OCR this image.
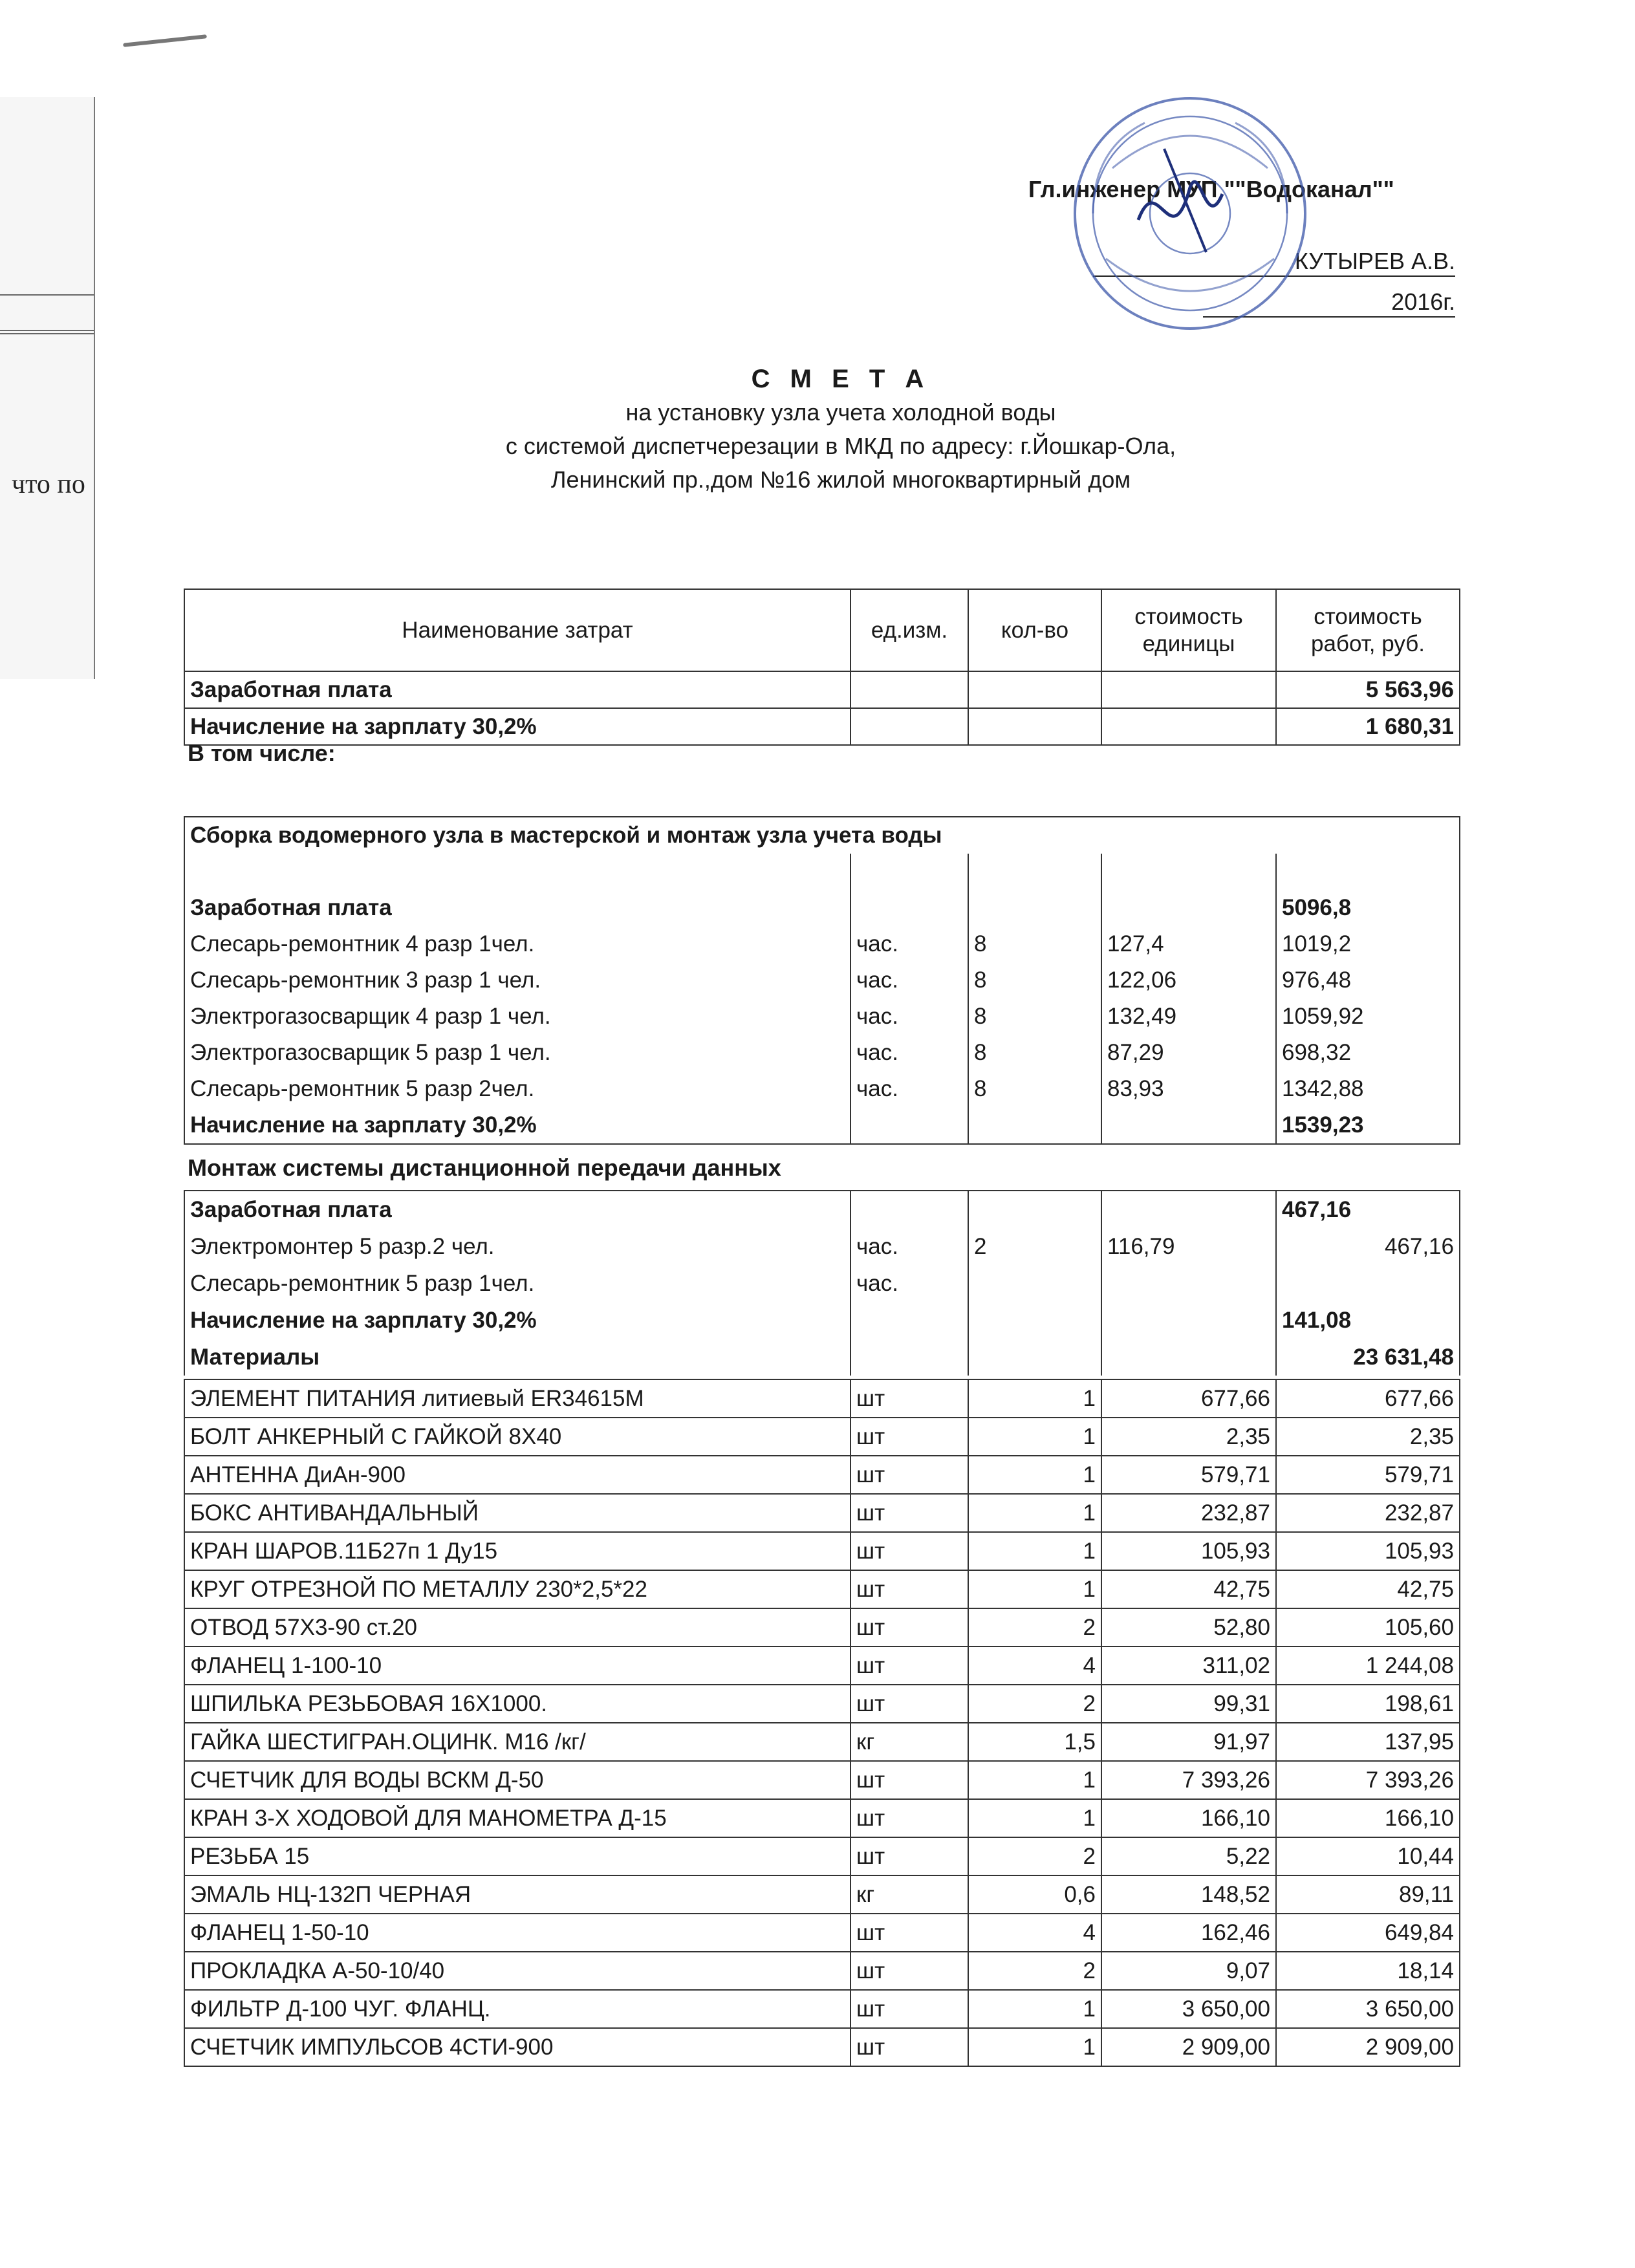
что по
Гл.инженер МУП ""Водоканал""
КУТЫРЕВ А.В.
2016г.
С М Е Т А
на установку узла учета холодной воды
с системой диспетчерезации в МКД по адресу: г.Йошкар-Ола,
Ленинский пр.,дом №16 жилой многоквартирный дом
Наименование затрат	ед.изм.	кол-во	стоимость единицы	стоимость работ, руб.
Заработная плата				5 563,96
Начисление на зарплату 30,2%				1 680,31
В том числе:
Сборка водомерного узла в мастерской и монтаж узла учета воды				

Заработная плата				5096,8
Слесарь-ремонтник 4 разр 1чел.	час.	8	127,4	1019,2
Слесарь-ремонтник 3 разр 1 чел.	час.	8	122,06	976,48
Электрогазосварщик 4 разр 1 чел.	час.	8	132,49	1059,92
Электрогазосварщик 5 разр 1 чел.	час.	8	87,29	698,32
Слесарь-ремонтник 5 разр 2чел.	час.	8	83,93	1342,88
Начисление на зарплату 30,2%				1539,23
Монтаж системы дистанционной передачи данных
Заработная плата				467,16
Электромонтер 5 разр.2 чел.	час.	2	116,79	467,16
Слесарь-ремонтник 5 разр 1чел.	час.			
Начисление на зарплату 30,2%				141,08
Материалы				23 631,48
ЭЛЕМЕНТ ПИТАНИЯ литиевый ER34615M	шт	1	677,66	677,66
БОЛТ АНКЕРНЫЙ С ГАЙКОЙ 8Х40	шт	1	2,35	2,35
АНТЕННА ДиАн-900	шт	1	579,71	579,71
БОКС АНТИВАНДАЛЬНЫЙ	шт	1	232,87	232,87
КРАН ШАРОВ.11Б27п 1 Ду15	шт	1	105,93	105,93
КРУГ ОТРЕЗНОЙ ПО МЕТАЛЛУ 230*2,5*22	шт	1	42,75	42,75
ОТВОД 57Х3-90 ст.20	шт	2	52,80	105,60
ФЛАНЕЦ 1-100-10	шт	4	311,02	1 244,08
ШПИЛЬКА РЕЗЬБОВАЯ 16Х1000.	шт	2	99,31	198,61
ГАЙКА ШЕСТИГРАН.ОЦИНК. М16 /кг/	кг	1,5	91,97	137,95
СЧЕТЧИК ДЛЯ ВОДЫ ВСКМ Д-50	шт	1	7 393,26	7 393,26
КРАН 3-Х ХОДОВОЙ ДЛЯ МАНОМЕТРА Д-15	шт	1	166,10	166,10
РЕЗЬБА 15	шт	2	5,22	10,44
ЭМАЛЬ НЦ-132П ЧЕРНАЯ	кг	0,6	148,52	89,11
ФЛАНЕЦ 1-50-10	шт	4	162,46	649,84
ПРОКЛАДКА А-50-10/40	шт	2	9,07	18,14
ФИЛЬТР Д-100 ЧУГ. ФЛАНЦ.	шт	1	3 650,00	3 650,00
СЧЕТЧИК ИМПУЛЬСОВ 4СТИ-900	шт	1	2 909,00	2 909,00
